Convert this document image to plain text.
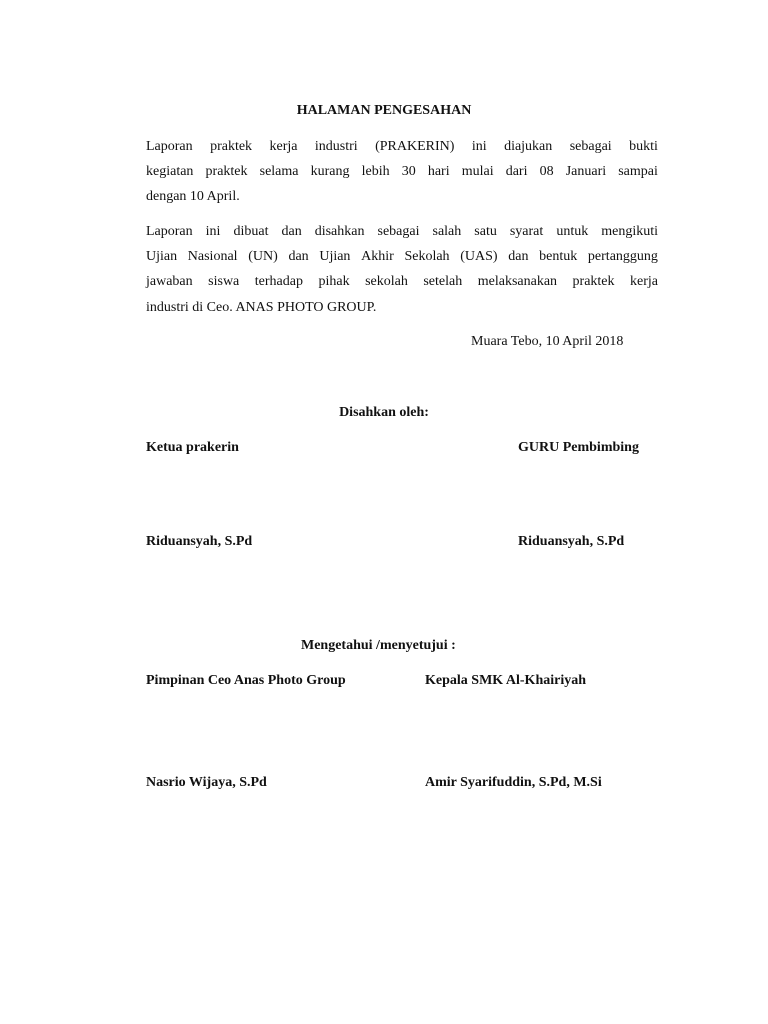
HALAMAN PENGESAHAN
Laporan praktek kerja industri (PRAKERIN) ini diajukan sebagai bukti
kegiatan praktek selama kurang lebih 30 hari mulai dari 08 Januari sampai
dengan 10 April.
Laporan ini dibuat dan disahkan sebagai salah satu syarat untuk mengikuti
Ujian Nasional (UN) dan Ujian Akhir Sekolah (UAS) dan bentuk pertanggung
jawaban siswa terhadap pihak sekolah setelah melaksanakan praktek kerja
industri di Ceo. ANAS PHOTO GROUP.
Muara Tebo, 10 April 2018
Disahkan oleh:
Ketua prakerin	GURU Pembimbing
Riduansyah, S.Pd	Riduansyah, S.Pd
Mengetahui /menyetujui :
Pimpinan Ceo Anas Photo Group	Kepala SMK Al-Khairiyah
Nasrio Wijaya, S.Pd	Amir Syarifuddin, S.Pd, M.Si
